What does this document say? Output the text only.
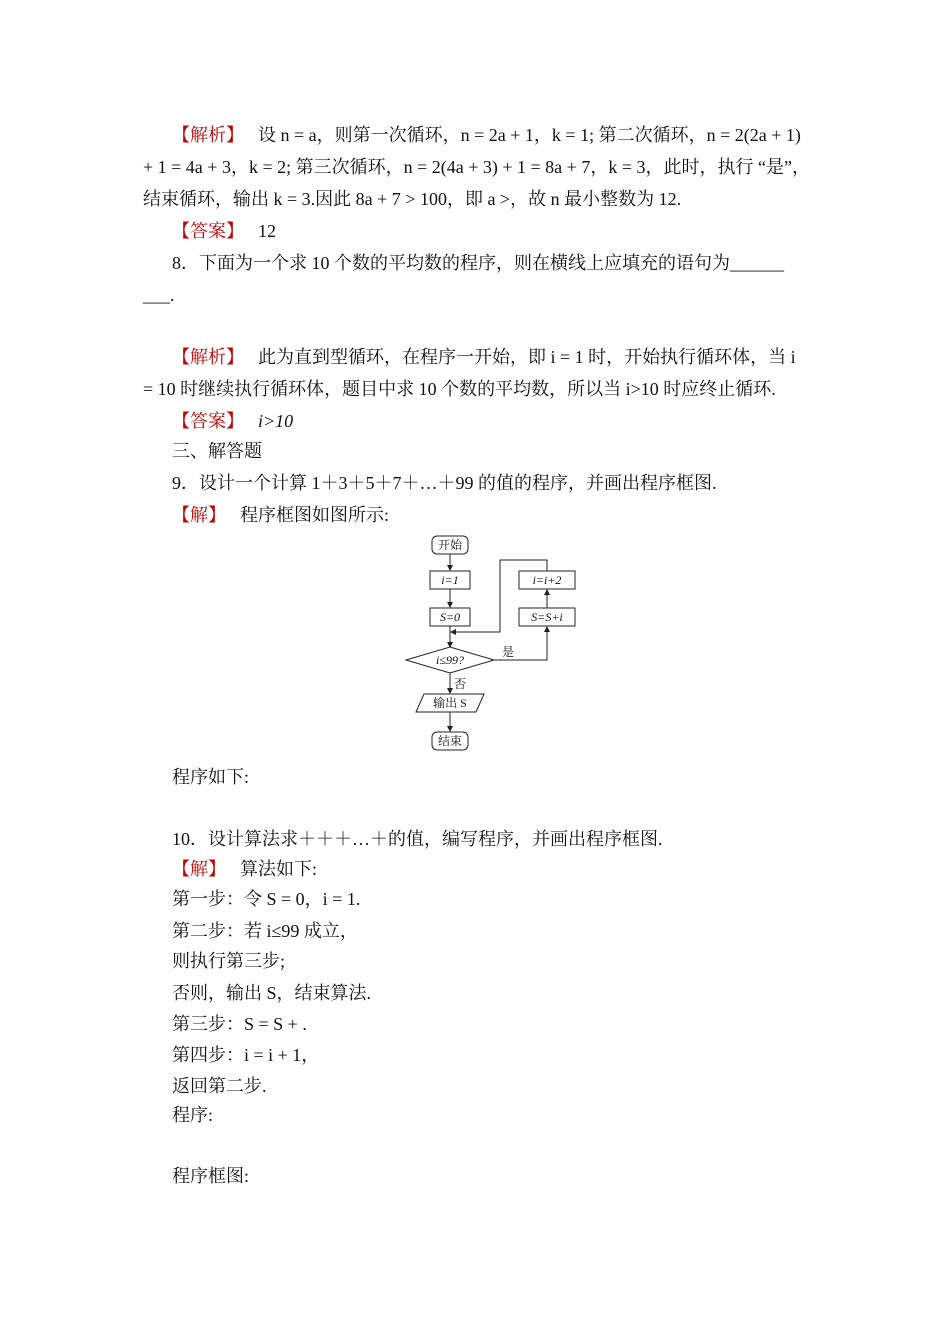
【解析】 设 n = a，则第一次循环，n = 2a + 1，k = 1; 第二次循环，n = 2(2a + 1)
+ 1 = 4a + 3，k = 2; 第三次循环，n = 2(4a + 3) + 1 = 8a + 7，k = 3，此时，执行 “是”，
结束循环，输出 k = 3.因此 8a + 7 > 100，即 a >，故 n 最小整数为 12.
【答案】 12
8．下面为一个求 10 个数的平均数的程序，则在横线上应填充的语句为______
___.
【解析】 此为直到型循环，在程序一开始，即 i = 1 时，开始执行循环体，当 i
= 10 时继续执行循环体，题目中求 10 个数的平均数，所以当 i>10 时应终止循环.
【答案】 i>10
三、解答题
9．设计一个计算 1＋3＋5＋7＋…＋99 的值的程序，并画出程序框图.
【解】 程序框图如图所示:
开始
i=1
S=0
i≤99?
是
S=S+i
i=i+2
否
输出 S
结束
程序如下:
10．设计算法求＋＋＋…＋的值，编写程序，并画出程序框图.
【解】 算法如下:
第一步：令 S = 0，i = 1.
第二步：若 i≤99 成立，
则执行第三步;
否则，输出 S，结束算法.
第三步：S = S + .
第四步：i = i + 1，
返回第二步.
程序:
程序框图:
